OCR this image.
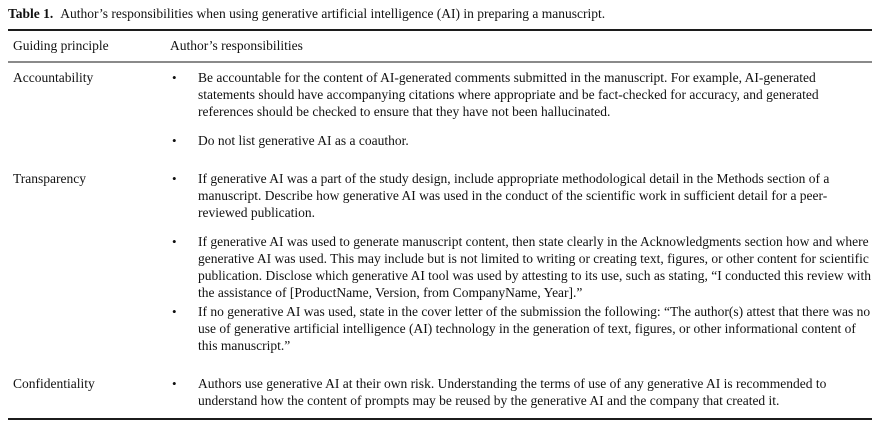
Table 1. Author’s responsibilities when using generative artificial intelligence (AI) in preparing a manuscript.
Guiding principle	Author’s responsibilities
Accountability	• Be accountable for the content of AI-generated comments submitted in the manuscript. For example, AI-generated statements should have accompanying citations where appropriate and be fact-checked for accuracy, and generated references should be checked to ensure that they have not been hallucinated.
• Do not list generative AI as a coauthor.
Transparency	• If generative AI was a part of the study design, include appropriate methodological detail in the Methods section of a manuscript. Describe how generative AI was used in the conduct of the scientific work in sufficient detail for a peer-reviewed publication.
• If generative AI was used to generate manuscript content, then state clearly in the Acknowledgments section how and where generative AI was used. This may include but is not limited to writing or creating text, figures, or other content for scientific publication. Disclose which generative AI tool was used by attesting to its use, such as stating, “I conducted this review with the assistance of [ProductName, Version, from CompanyName, Year].”
• If no generative AI was used, state in the cover letter of the submission the following: “The author(s) attest that there was no use of generative artificial intelligence (AI) technology in the generation of text, figures, or other informational content of this manuscript.”
Confidentiality	• Authors use generative AI at their own risk. Understanding the terms of use of any generative AI is recommended to understand how the content of prompts may be reused by the generative AI and the company that created it.
